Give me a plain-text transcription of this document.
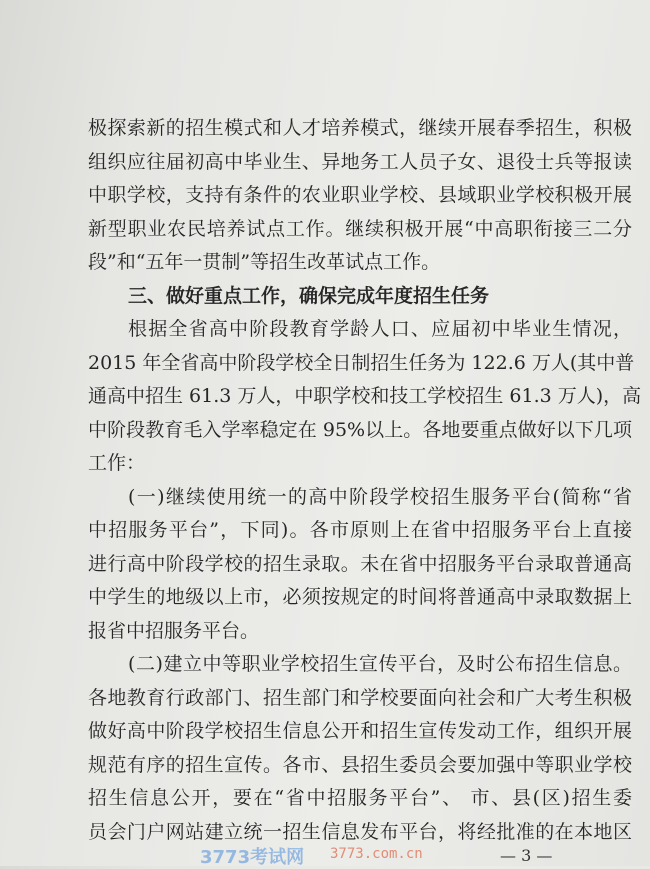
极探索新的招生模式和人才培养模式，继续开展春季招生，积极
组织应往届初高中毕业生、异地务工人员子女、退役士兵等报读
中职学校，支持有条件的农业职业学校、县域职业学校积极开展
新型职业农民培养试点工作。继续积极开展“中高职衔接三二分
段”和“五年一贯制”等招生改革试点工作。
三、做好重点工作，确保完成年度招生任务
根据全省高中阶段教育学龄人口、应届初中毕业生情况，
2015 年全省高中阶段学校全日制招生任务为 122.6 万人(其中普
通高中招生 61.3 万人，中职学校和技工学校招生 61.3 万人)，高
中阶段教育毛入学率稳定在 95%以上。各地要重点做好以下几项
工作：
(一)继续使用统一的高中阶段学校招生服务平台(简称“省
中招服务平台”，下同)。各市原则上在省中招服务平台上直接
进行高中阶段学校的招生录取。未在省中招服务平台录取普通高
中学生的地级以上市，必须按规定的时间将普通高中录取数据上
报省中招服务平台。
(二)建立中等职业学校招生宣传平台，及时公布招生信息。
各地教育行政部门、招生部门和学校要面向社会和广大考生积极
做好高中阶段学校招生信息公开和招生宣传发动工作，组织开展
规范有序的招生宣传。各市、县招生委员会要加强中等职业学校
招生信息公开，要在“省中招服务平台”、 市、县(区)招生委
员会门户网站建立统一招生信息发布平台，将经批准的在本地区
— 3 —
3773考试网 3773.com.cn
